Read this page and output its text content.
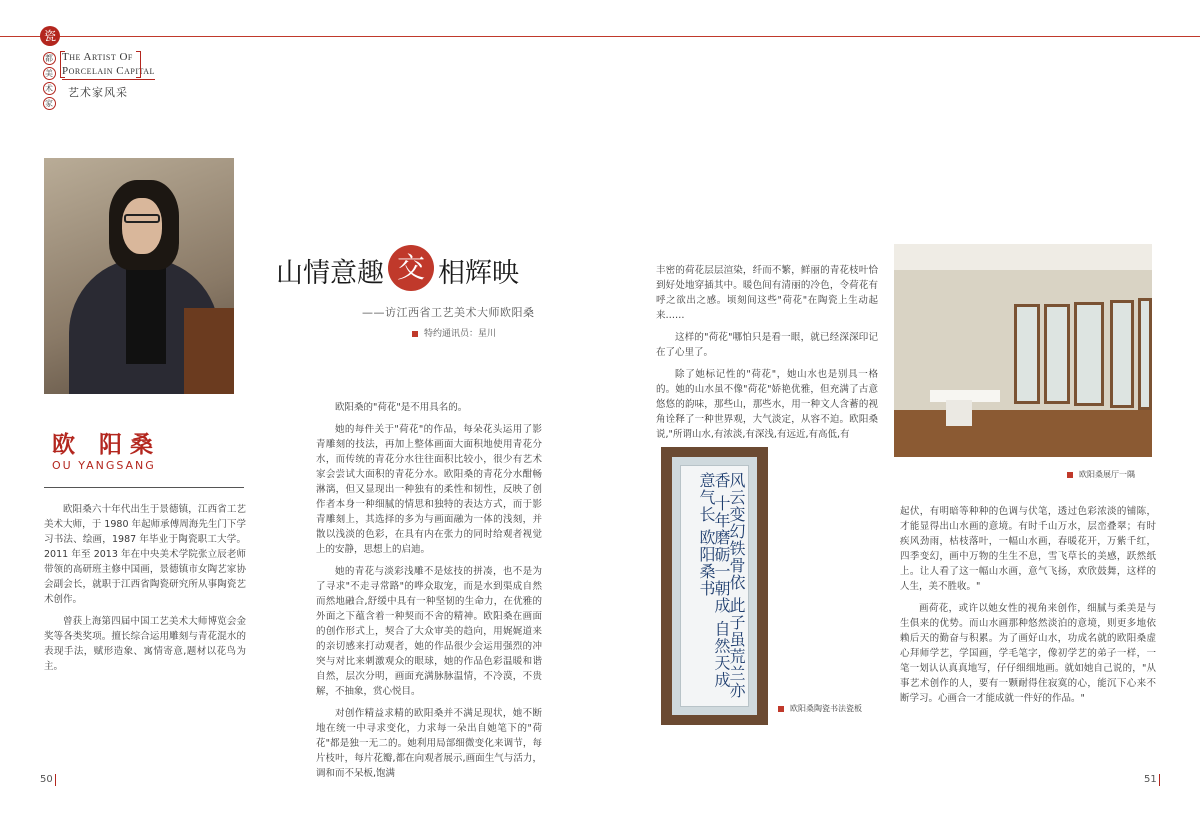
瓷
都
美
术
家
The Artist Of
Porcelain Capital
艺术家风采
欧 阳桑
OU YANGSANG

欧阳桑六十年代出生于景德镇，江西省工艺美术大师，于 1980 年起师承傅周海先生门下学习书法、绘画，1987 年毕业于陶瓷职工大学。2011 年至 2013 年在中央美术学院张立辰老师带领的高研班主修中国画，景德镇市女陶艺家协会副会长，就职于江西省陶瓷研究所从事陶瓷艺术创作。

曾获上海第四届中国工艺美术大师博览会金奖等各类奖项。擅长综合运用雕刻与青花混水的表现手法，赋形造象、寓情寄意,题材以花鸟为主。

山情意趣 交 相辉映
——访江西省工艺美术大师欧阳桑
特约通讯员：星川

欧阳桑的"荷花"是不用具名的。

她的每件关于"荷花"的作品，每朵花头运用了影青雕刻的技法，再加上整体画面大面积地使用青花分水，而传统的青花分水往往面积比较小，很少有艺术家会尝试大面积的青花分水。欧阳桑的青花分水酣畅淋漓，但又显现出一种独有的柔性和韧性，反映了创作者本身一种细腻的情思和独特的表达方式，而于影青雕刻上，其选择的多为与画面融为一体的浅刻，并散以浅淡的色彩，在具有内在张力的同时给观者视觉上的安静，思想上的启迪。

她的青花与淡彩浅雕不是炫技的拼凑，也不是为了寻求"不走寻常路"的哗众取宠，而是水到渠成自然而然地融合,舒缓中具有一种坚韧的生命力，在优雅的外面之下蕴含着一种契而不舍的精神。欧阳桑在画面的创作形式上，契合了大众审美的趋向，用娓娓道来的亲切感来打动观者，她的作品很少会运用强烈的冲突与对比来刺激观众的眼球，她的作品色彩温暖和谐自然，层次分明，画面充满脉脉温情，不冷漠，不贵解，不抽象，赏心悦目。

对创作精益求精的欧阳桑并不满足现状，她不断地在统一中寻求变化，力求每一朵出自她笔下的"荷花"都是独一无二的。她利用局部细微变化来调节，每片枝叶，每片花瓣,都在向观者展示,画面生气与活力，调和而不呆板,饱满

丰密的荷花层层渲染，纤而不繁，鲜丽的青花枝叶恰到好处地穿插其中。暖色间有清丽的冷色，令荷花有呼之欲出之感。顷刻间这些"荷花"在陶瓷上生动起来……

这样的"荷花"哪怕只是看一眼，就已经深深印记在了心里了。

除了她标记性的"荷花"，她山水也是别具一格的。她的山水虽不像"荷花"娇艳优雅，但充满了古意悠悠的韵味，那些山，那些水，用一种文人含蓄的视角诠释了一种世界观，大气淡定，从容不迫。欧阳桑说,"所谓山水,有浓淡,有深浅,有远近,有高低,有

风云变幻铁骨依 此子虽荒兰亦香 十年磨砺一朝成 自然天成意气长 欧阳桑书
欧阳桑陶瓷书法瓷板
欧阳桑展厅一隅

起伏，有明暗等种种的色调与伏笔，透过色彩浓淡的铺陈，才能显得出山水画的意境。有时千山万水，层峦叠翠；有时疾风劲雨，枯枝落叶，一幅山水画，春暖花开，万紫千红，四季变幻，画中万物的生生不息，雪飞草长的美感，跃然纸上。让人看了这一幅山水画，意气飞扬，欢欣鼓舞，这样的人生，美不胜收。"

画荷花，或许以她女性的视角来创作，细腻与柔美是与生俱来的优势。而山水画那种悠然淡泊的意境，则更多地依赖后天的勤奋与积累。为了画好山水，功成名就的欧阳桑虚心拜师学艺，学国画，学毛笔字，像初学艺的弟子一样，一笔一划认认真真地写，仔仔细细地画。就如她自己说的，"从事艺术创作的人，要有一颗耐得住寂寞的心，能沉下心来不断学习。心画合一才能成就一件好的作品。"

50	51
